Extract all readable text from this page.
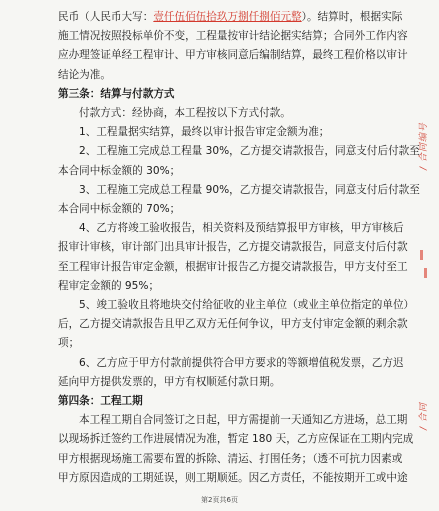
民币（人民币大写：壹仟伍佰伍拾玖万捌仟捌佰元整）。结算时，根据实际
施工情况按照投标单价不变，工程量按审计结论据实结算；合同外工作内容
应办理签证单经工程审计、甲方审核同意后编制结算，最终工程价格以审计
结论为准。
第三条：结算与付款方式
付款方式：经协商，本工程按以下方式付款。
1、工程量据实结算，最终以审计报告审定金额为准；
2、工程施工完成总工程量 30%，乙方提交请款报告，同意支付后付款至
本合同中标金额的 30%；
3、工程施工完成总工程量 90%，乙方提交请款报告，同意支付后付款至
本合同中标金额的 70%；
4、乙方将竣工验收报告，相关资料及预结算报甲方审核，甲方审核后
报审计审核，审计部门出具审计报告，乙方提交请款报告，同意支付后付款
至工程审计报告审定金额，根据审计报告乙方提交请款报告，甲方支付至工
程审定金额的 95%；
5、竣工验收且将地块交付给征收的业主单位（或业主单位指定的单位）
后，乙方提交请款报告且甲乙双方无任何争议，甲方支付审定金额的剩余款
项；
6、乙方应于甲方付款前提供符合甲方要求的等额增值税发票，乙方迟
延向甲方提供发票的，甲方有权顺延付款日期。
第四条：工程工期
本工程工期自合同签订之日起，甲方需提前一天通知乙方进场，总工期
以现场拆迁签约工作进展情况为准，暂定 180 天，乙方应保证在工期内完成
甲方根据现场施工需要布置的拆除、清运、打围任务；（透不可抗力因素或
甲方原因造成的工期延误，则工期顺延。因乙方责任，不能按期开工或中途
/ 合同编号
/ 合同
第2页共6页
